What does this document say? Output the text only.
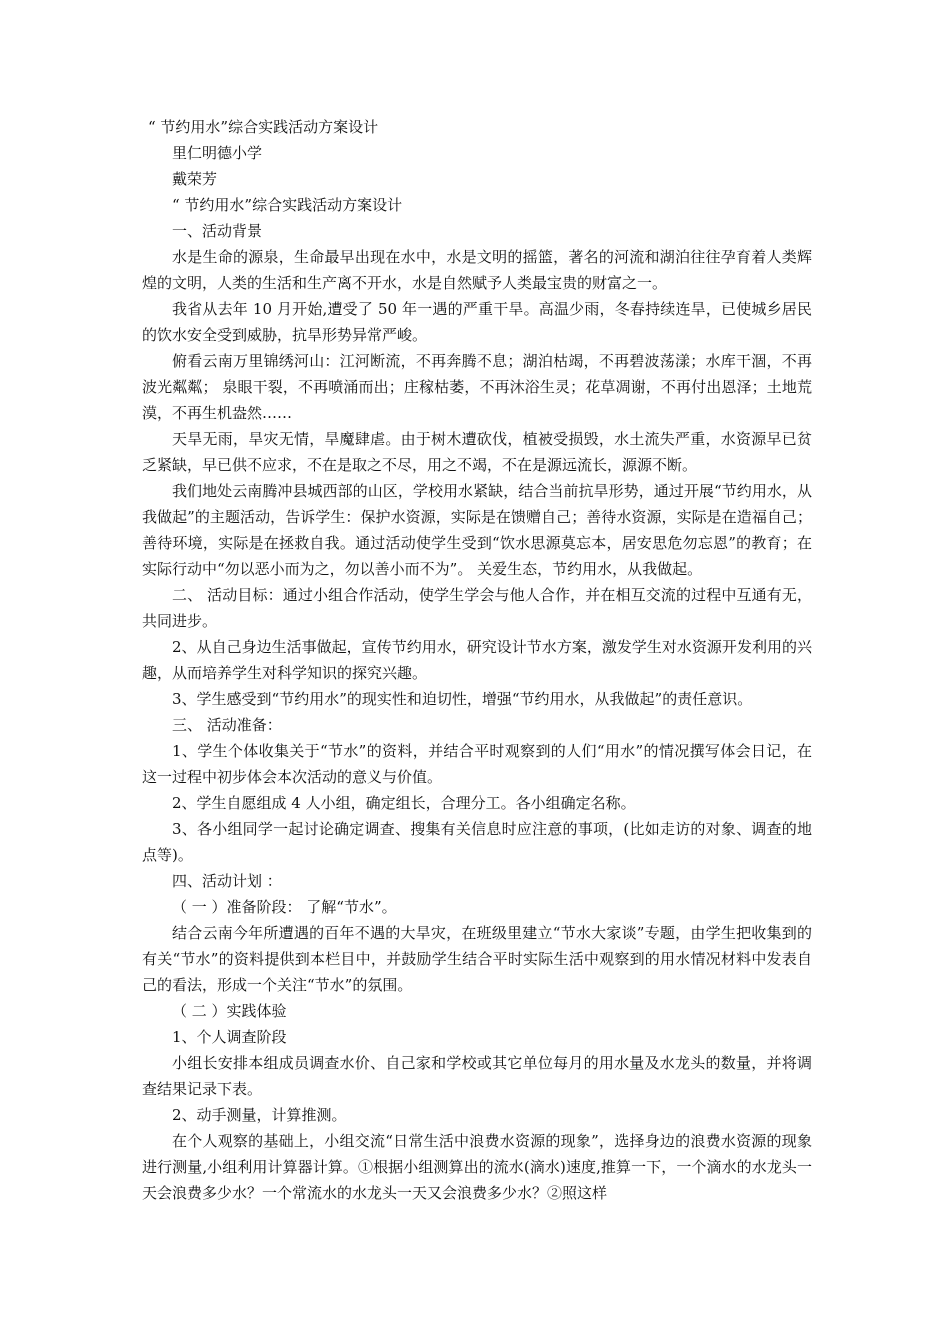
“ 节约用水”综合实践活动方案设计

里仁明德小学

戴荣芳

“ 节约用水”综合实践活动方案设计

一、活动背景

水是生命的源泉，生命最早出现在水中，水是文明的摇篮，著名的河流和湖泊往往孕育着人类辉煌的文明，人类的生活和生产离不开水，水是自然赋予人类最宝贵的财富之一。

我省从去年 10 月开始,遭受了 50 年一遇的严重干旱。高温少雨，冬春持续连旱，已使城乡居民的饮水安全受到威胁，抗旱形势异常严峻。

俯看云南万里锦绣河山：江河断流，不再奔腾不息；湖泊枯竭，不再碧波荡漾；水库干涸，不再波光粼粼； 泉眼干裂，不再喷涌而出；庄稼枯萎，不再沐浴生灵；花草凋谢，不再付出恩泽；土地荒漠，不再生机盎然……

天旱无雨，旱灾无情，旱魔肆虐。由于树木遭砍伐，植被受损毁，水土流失严重，水资源早已贫乏紧缺，早已供不应求，不在是取之不尽，用之不竭，不在是源远流长，源源不断。

我们地处云南腾冲县城西部的山区，学校用水紧缺，结合当前抗旱形势，通过开展“节约用水，从我做起”的主题活动，告诉学生：保护水资源，实际是在馈赠自己；善待水资源，实际是在造福自己；善待环境，实际是在拯救自我。通过活动使学生受到“饮水思源莫忘本，居安思危勿忘恩”的教育；在实际行动中“勿以恶小而为之，勿以善小而不为”。 关爱生态，节约用水，从我做起。

二、 活动目标：通过小组合作活动，使学生学会与他人合作，并在相互交流的过程中互通有无，共同进步。

2、从自己身边生活事做起，宣传节约用水，研究设计节水方案，激发学生对水资源开发利用的兴趣，从而培养学生对科学知识的探究兴趣。

3、学生感受到“节约用水”的现实性和迫切性，增强“节约用水，从我做起”的责任意识。

三、 活动准备：

1、学生个体收集关于“节水”的资料，并结合平时观察到的人们“用水”的情况撰写体会日记，在这一过程中初步体会本次活动的意义与价值。

2、学生自愿组成 4 人小组，确定组长，合理分工。各小组确定名称。

3、各小组同学一起讨论确定调查、搜集有关信息时应注意的事项，(比如走访的对象、调查的地点等)。

四、活动计划 ：

（ 一 ）准备阶段： 了解“节水”。

结合云南今年所遭遇的百年不遇的大旱灾，在班级里建立“节水大家谈”专题，由学生把收集到的有关“节水”的资料提供到本栏目中，并鼓励学生结合平时实际生活中观察到的用水情况材料中发表自己的看法，形成一个关注“节水”的氛围。

（ 二 ）实践体验

1、个人调查阶段

小组长安排本组成员调查水价、自己家和学校或其它单位每月的用水量及水龙头的数量，并将调查结果记录下表。

2、动手测量，计算推测。

在个人观察的基础上，小组交流“日常生活中浪费水资源的现象”，选择身边的浪费水资源的现象进行测量,小组利用计算器计算。①根据小组测算出的流水(滴水)速度,推算一下，一个滴水的水龙头一天会浪费多少水？一个常流水的水龙头一天又会浪费多少水？②照这样
